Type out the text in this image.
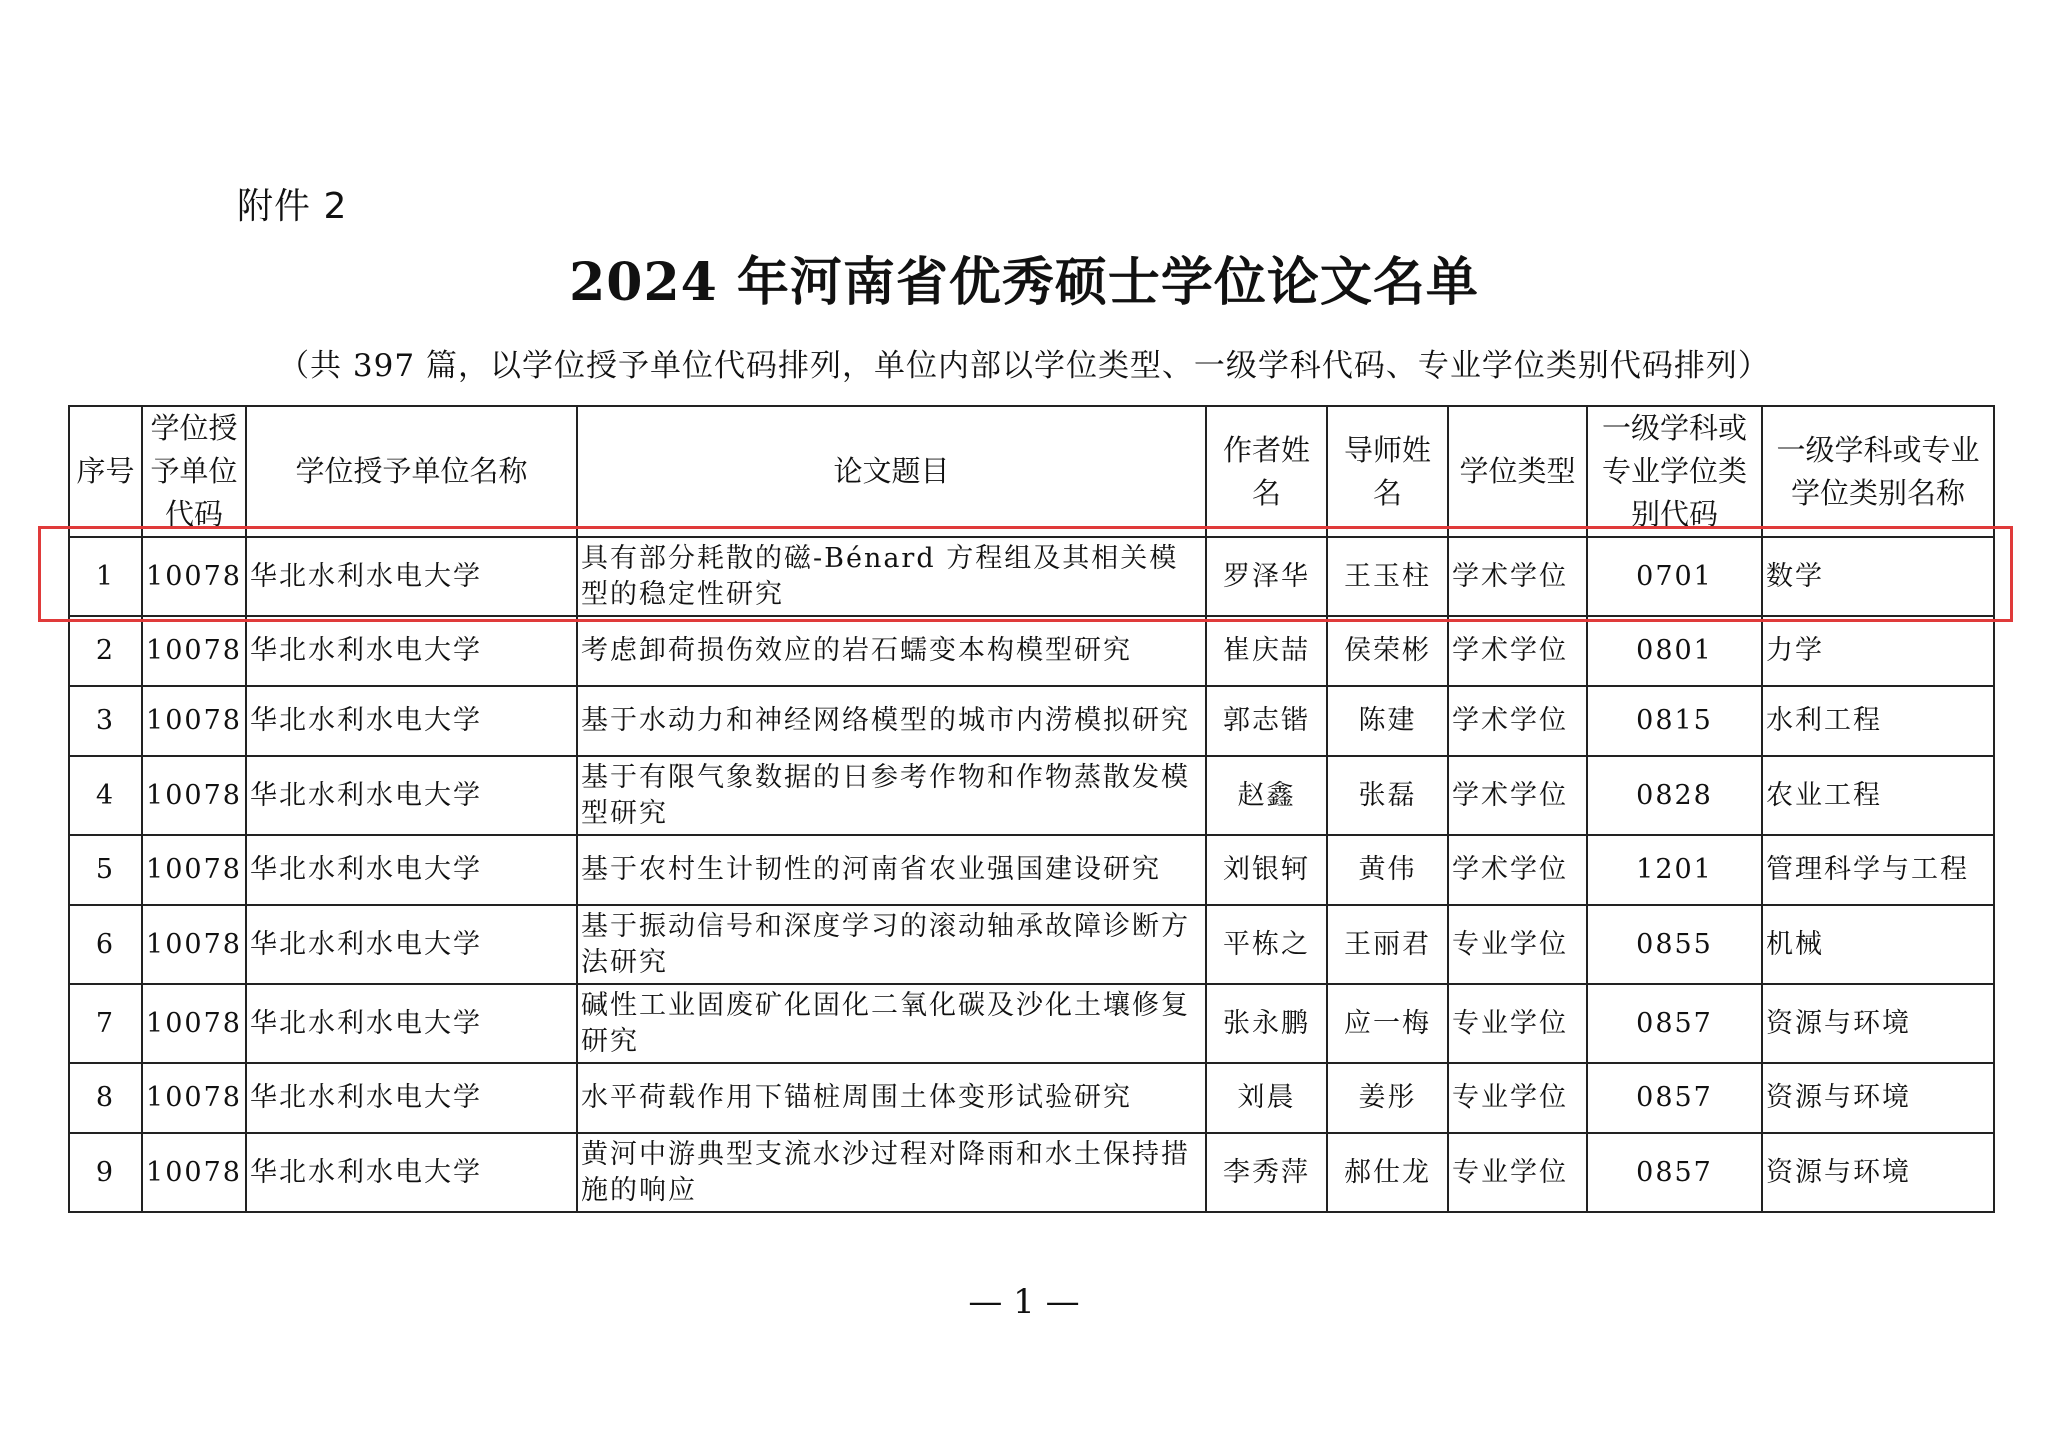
附件 2
2024 年河南省优秀硕士学位论文名单
（共 397 篇，以学位授予单位代码排列，单位内部以学位类型、一级学科代码、专业学位类别代码排列）
序号	学位授予单位代码	学位授予单位名称	论文题目	作者姓名	导师姓名	学位类型	一级学科或专业学位类别代码	一级学科或专业学位类别名称
1	10078	华北水利水电大学	具有部分耗散的磁-Bénard 方程组及其相关模型的稳定性研究	罗泽华	王玉柱	学术学位	0701	数学
2	10078	华北水利水电大学	考虑卸荷损伤效应的岩石蠕变本构模型研究	崔庆喆	侯荣彬	学术学位	0801	力学
3	10078	华北水利水电大学	基于水动力和神经网络模型的城市内涝模拟研究	郭志锴	陈建	学术学位	0815	水利工程
4	10078	华北水利水电大学	基于有限气象数据的日参考作物和作物蒸散发模型研究	赵鑫	张磊	学术学位	0828	农业工程
5	10078	华北水利水电大学	基于农村生计韧性的河南省农业强国建设研究	刘银轲	黄伟	学术学位	1201	管理科学与工程
6	10078	华北水利水电大学	基于振动信号和深度学习的滚动轴承故障诊断方法研究	平栋之	王丽君	专业学位	0855	机械
7	10078	华北水利水电大学	碱性工业固废矿化固化二氧化碳及沙化土壤修复研究	张永鹏	应一梅	专业学位	0857	资源与环境
8	10078	华北水利水电大学	水平荷载作用下锚桩周围土体变形试验研究	刘晨	姜彤	专业学位	0857	资源与环境
9	10078	华北水利水电大学	黄河中游典型支流水沙过程对降雨和水土保持措施的响应	李秀萍	郝仕龙	专业学位	0857	资源与环境
— 1 —
